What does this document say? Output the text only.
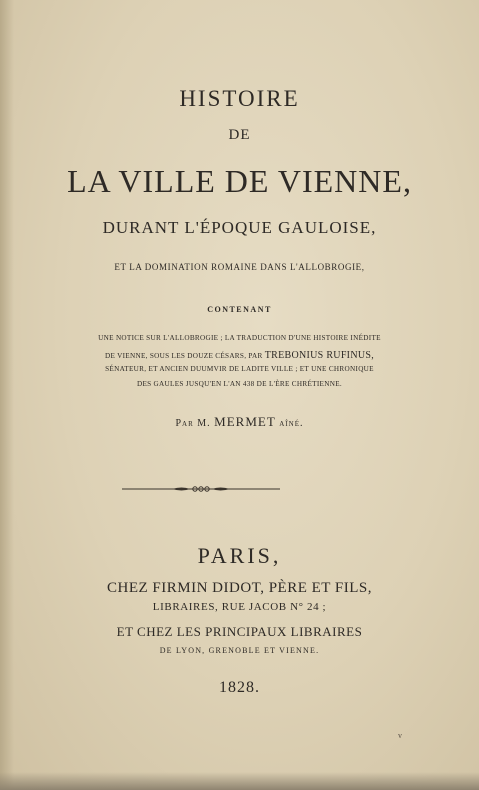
HISTOIRE
DE
LA VILLE DE VIENNE,
DURANT L'ÉPOQUE GAULOISE,
ET LA DOMINATION ROMAINE DANS L'ALLOBROGIE,
CONTENANT
UNE NOTICE SUR L'ALLOBROGIE ; LA TRADUCTION D'UNE HISTOIRE INÉDITE
DE VIENNE, SOUS LES DOUZE CÉSARS, PAR TREBONIUS RUFINUS,
SÉNATEUR, ET ANCIEN DUUMVIR DE LADITE VILLE ; ET UNE CHRONIQUE
DES GAULES JUSQU'EN L'AN 438 DE L'ÈRE CHRÉTIENNE.
Par M. MERMET aîné.
PARIS,
CHEZ FIRMIN DIDOT, PÈRE ET FILS,
LIBRAIRES, RUE JACOB N° 24 ;
ET CHEZ LES PRINCIPAUX LIBRAIRES
DE LYON, GRENOBLE ET VIENNE.
1828.
v
